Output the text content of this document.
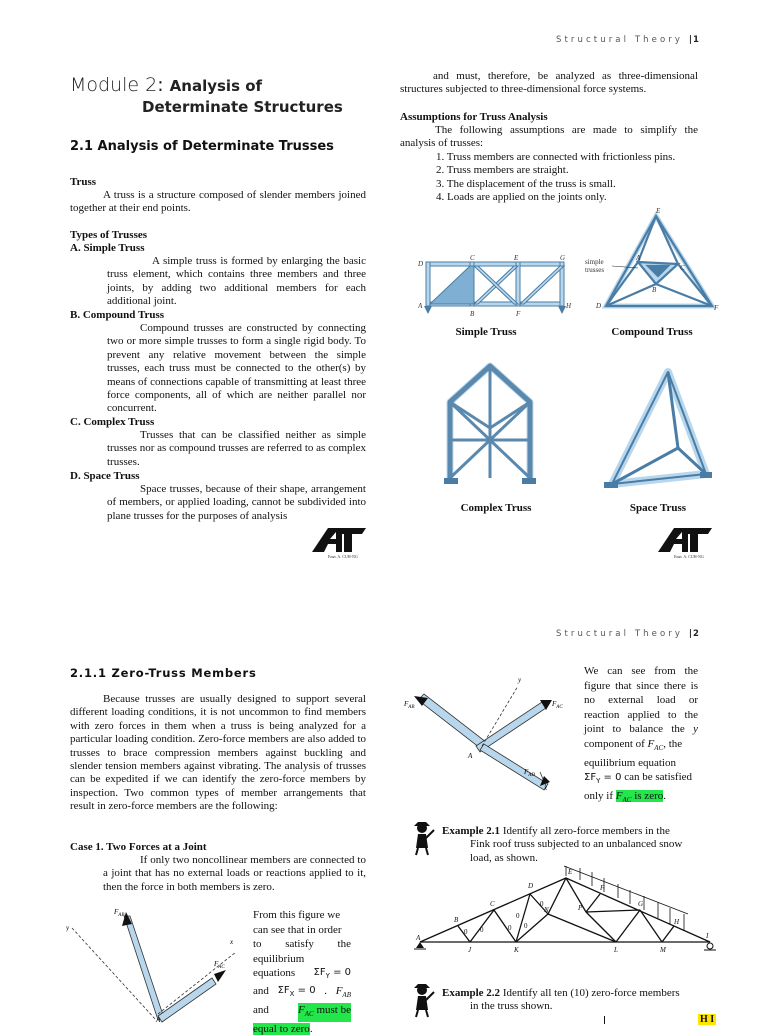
Structural Theory |1
Module 2: Analysis of
Determinate Structures
2.1 Analysis of Determinate Trusses
Truss
A truss is a structure composed of slender members joined together at their end points.
Types of Trusses
A. Simple Truss
A simple truss is formed by enlarging the basic truss element, which contains three members and three joints, by adding two additional members for each additional joint.
B. Compound Truss
Compound trusses are constructed by connecting two or more simple trusses to form a single rigid body. To prevent any relative movement between the simple trusses, each truss must be connected to the other(s) by means of connections capable of transmitting at least three force components, all of which are neither parallel nor concurrent.
C. Complex Truss
Trusses that can be classified neither as simple trusses nor as compound trusses are referred to as complex trusses.
D. Space Truss
Space trusses, because of their shape, arrangement of members, or applied loading, cannot be subdivided into plane trusses for the purposes of analysis
and must, therefore, be analyzed as three-dimensional structures subjected to three-dimensional force systems.
Assumptions for Truss Analysis
The following assumptions are made to simplify the analysis of trusses:
1. Truss members are connected with frictionless pins.
2. Truss members are straight.
3. The displacement of the truss is small.
4. Loads are applied on the joints only.
D
C	E	G
A
B	F
H
Simple Truss
E
A
C
B
D	F
simple
trusses
Compound Truss
Complex Truss	Space Truss
Engr. A. CUH-NG	Engr. A. CUH-NG
Structural Theory |2
2.1.1 Zero-Truss Members
Because trusses are usually designed to support several different loading conditions, it is not uncommon to find members with zero forces in them when a truss is being analyzed for a particular loading condition. Zero-force members are also added to trusses to brace compression members against buckling and slender tension members against vibrating. The analysis of trusses can be expedited if we can identify the zero-force members by inspection. Two common types of member arrangements that result in zero-force members are the following:
Case 1. Two Forces at a Joint
If only two noncollinear members are connected to a joint that has no external loads or reactions applied to it, then the force in both members is zero.
$F_{AB}$
$F_{AC}$
y
x
A
From this figure we
can see that in order
to satisfy the
equilibrium
equations $\Sigma F_Y = 0$
and $\Sigma F_X = 0$ . $F_{AB}$
and	$F_{AC}$ must be
equal to zero.
$F_{AB}$	$F_{AC}$
$F_{AD}$
y
x
A
We can see from the
figure that since there is
no external load or
reaction applied to the
joint to balance the y
component of $F_{AC}$, the
equilibrium equation
$\Sigma F_Y = 0$ can be satisfied
only if $F_{AC}$ is zero.
Example 2.1 Identify all zero-force members in the
Fink roof truss subjected to an unbalanced snow
load, as shown.
A
B
C
D
E
F
G
H
I
J	K	L	M
N	P
0 0	0 0
0
0
Example 2.2 Identify all ten (10) zero-force members
in the truss shown.
H I
